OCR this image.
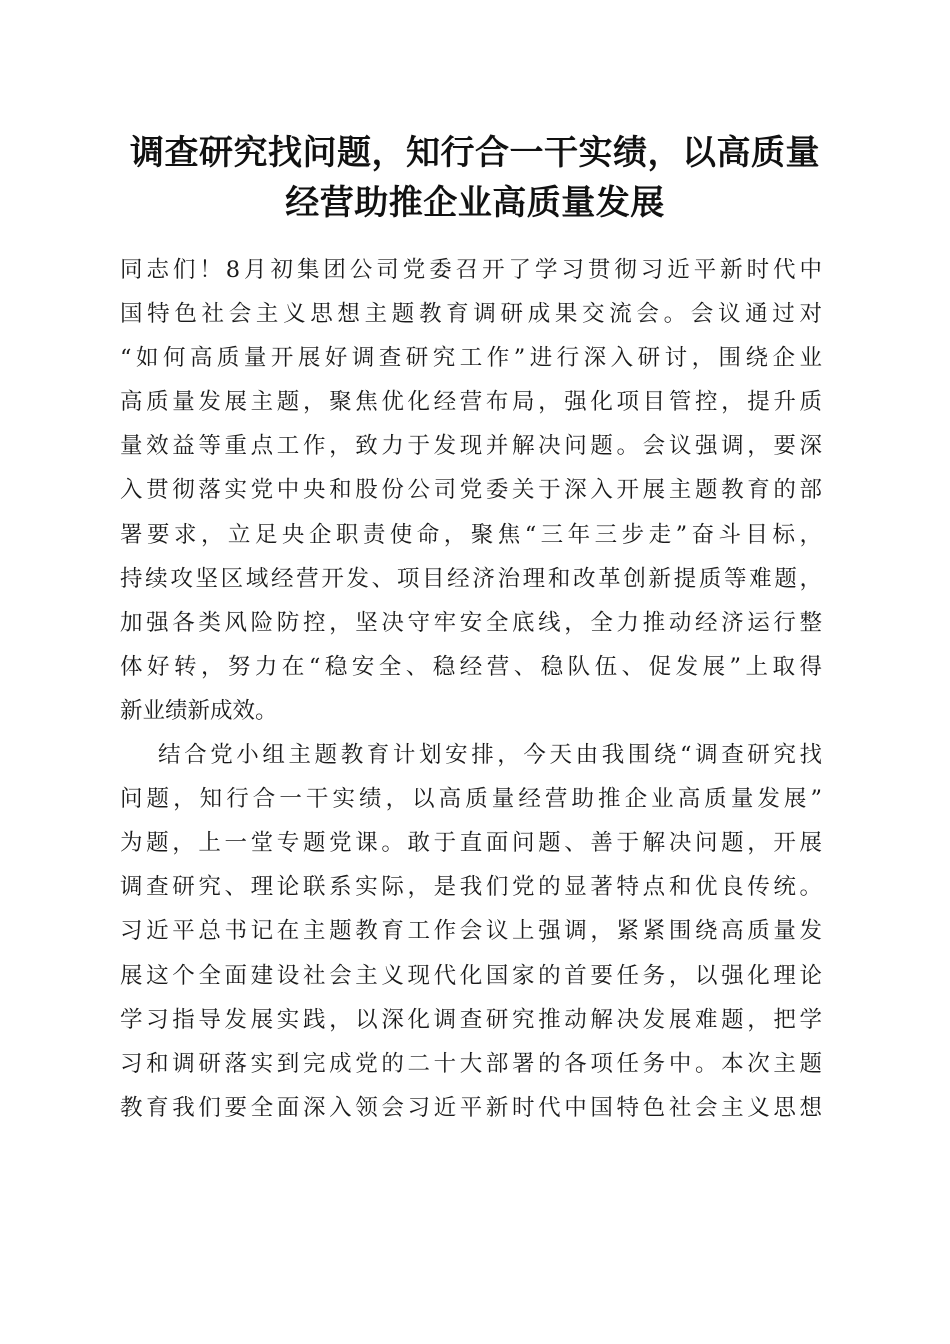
调查研究找问题，知行合一干实绩，以高质量
经营助推企业高质量发展
同志们！8月初集团公司党委召开了学习贯彻习近平新时代中
国特色社会主义思想主题教育调研成果交流会。会议通过对
“如何高质量开展好调查研究工作”进行深入研讨，围绕企业
高质量发展主题，聚焦优化经营布局，强化项目管控，提升质
量效益等重点工作，致力于发现并解决问题。会议强调，要深
入贯彻落实党中央和股份公司党委关于深入开展主题教育的部
署要求，立足央企职责使命，聚焦“三年三步走”奋斗目标，
持续攻坚区域经营开发、项目经济治理和改革创新提质等难题，
加强各类风险防控，坚决守牢安全底线，全力推动经济运行整
体好转，努力在“稳安全、稳经营、稳队伍、促发展”上取得
新业绩新成效。
结合党小组主题教育计划安排，今天由我围绕“调查研究找
问题，知行合一干实绩，以高质量经营助推企业高质量发展”
为题，上一堂专题党课。敢于直面问题、善于解决问题，开展
调查研究、理论联系实际，是我们党的显著特点和优良传统。
习近平总书记在主题教育工作会议上强调，紧紧围绕高质量发
展这个全面建设社会主义现代化国家的首要任务，以强化理论
学习指导发展实践，以深化调查研究推动解决发展难题，把学
习和调研落实到完成党的二十大部署的各项任务中。本次主题
教育我们要全面深入领会习近平新时代中国特色社会主义思想
